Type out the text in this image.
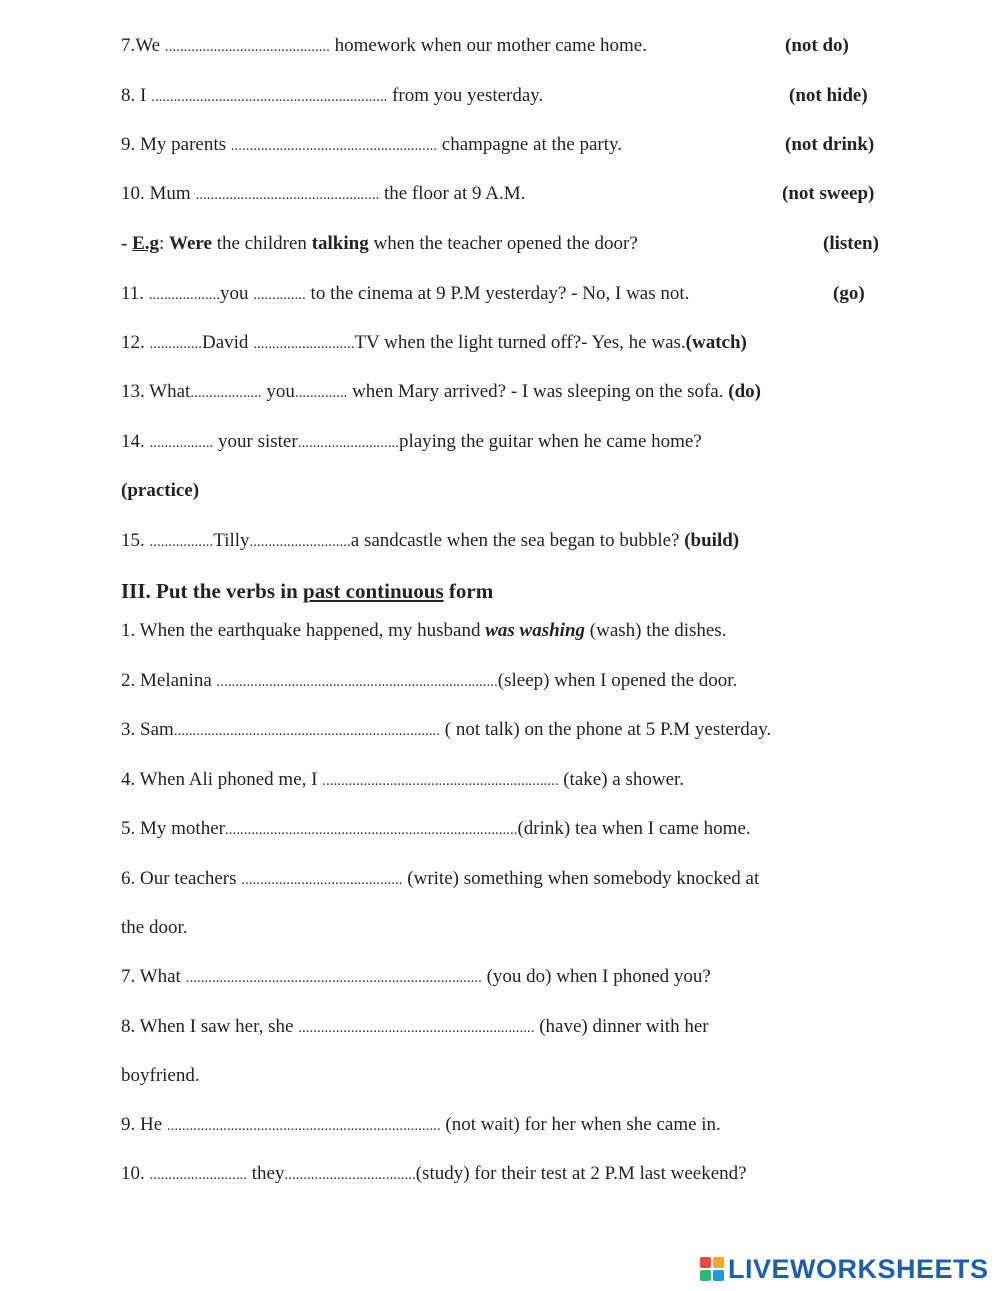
7.We ............................................ homework when our mother came home.	(not do)
8. I ............................................................... from you yesterday.	(not hide)
9. My parents ....................................................... champagne at the party.	(not drink)
10. Mum ................................................. the floor at 9 A.M.	(not sweep)
- E.g: Were the children talking when the teacher opened the door?	(listen)
11. ...................you .............. to the cinema at 9 P.M yesterday? - No, I was not.	(go)
12. ..............David ...........................TV when the light turned off?- Yes, he was.(watch)
13. What................... you.............. when Mary arrived? - I was sleeping on the sofa. (do)
14. ................. your sister...........................playing the guitar when he came home?
(practice)
15. .................Tilly...........................a sandcastle when the sea began to bubble? (build)
III. Put the verbs in past continuous form
1. When the earthquake happened, my husband was washing (wash) the dishes.
2. Melanina ...........................................................................(sleep) when I opened the door.
3. Sam....................................................................... ( not talk) on the phone at 5 P.M yesterday.
4. When Ali phoned me, I ............................................................... (take) a shower.
5. My mother..............................................................................(drink) tea when I came home.
6. Our teachers ........................................... (write) something when somebody knocked at
the door.
7. What ............................................................................... (you do) when I phoned you?
8. When I saw her, she ............................................................... (have) dinner with her
boyfriend.
9. He ......................................................................... (not wait) for her when she came in.
10. .......................... they...................................(study) for their test at 2 P.M last weekend?
LIVEWORKSHEETS
